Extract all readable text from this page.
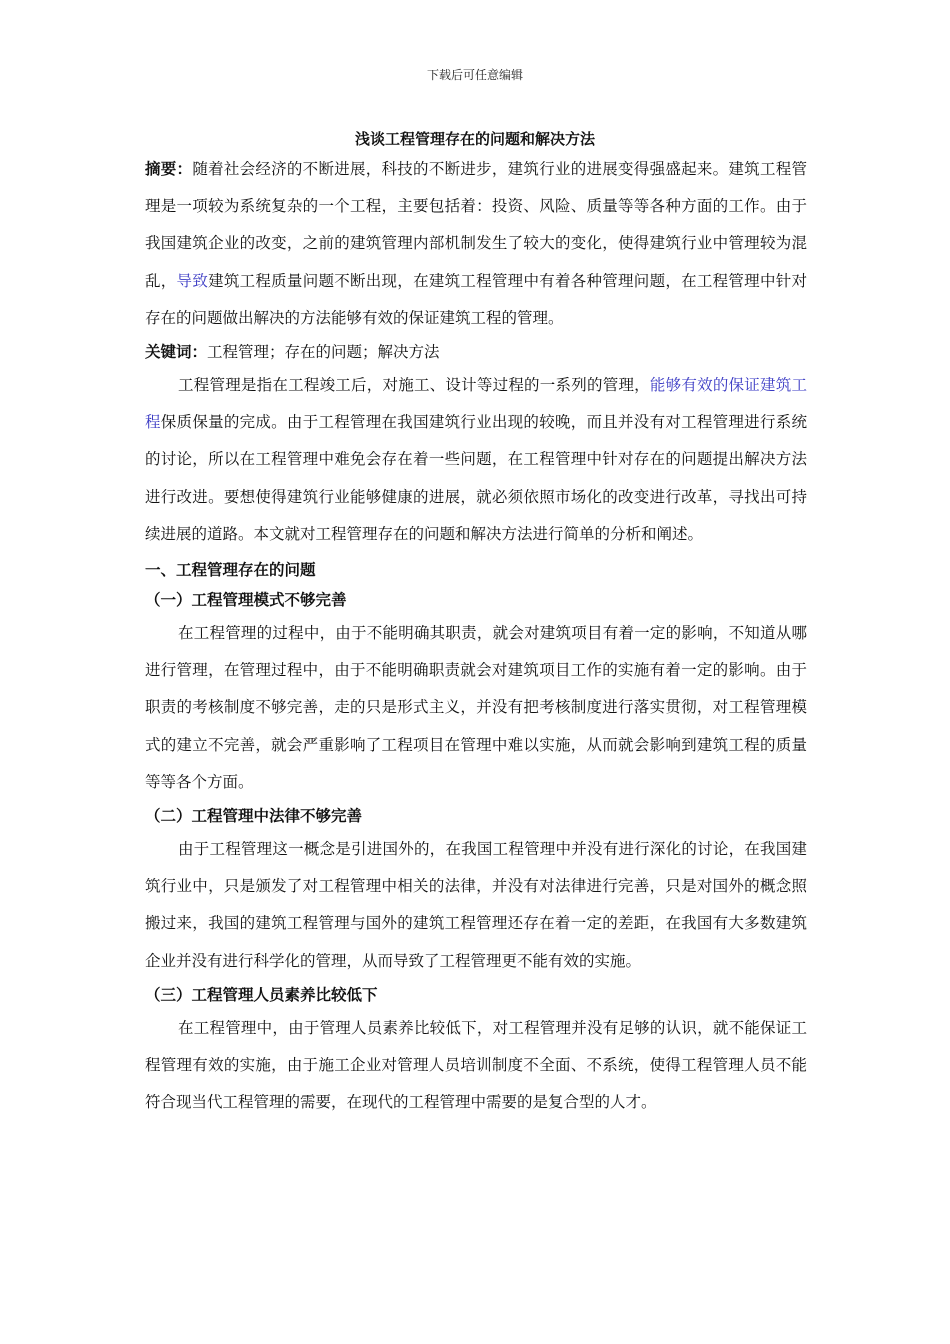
下载后可任意编辑
浅谈工程管理存在的问题和解决方法

摘要：随着社会经济的不断进展，科技的不断进步，建筑行业的进展变得强盛起来。建筑工程管理是一项较为系统复杂的一个工程，主要包括着：投资、风险、质量等等各种方面的工作。由于我国建筑企业的改变，之前的建筑管理内部机制发生了较大的变化，使得建筑行业中管理较为混乱，导致建筑工程质量问题不断出现，在建筑工程管理中有着各种管理问题，在工程管理中针对存在的问题做出解决的方法能够有效的保证建筑工程的管理。

关键词：工程管理；存在的问题；解决方法

工程管理是指在工程竣工后，对施工、设计等过程的一系列的管理，能够有效的保证建筑工程保质保量的完成。由于工程管理在我国建筑行业出现的较晚，而且并没有对工程管理进行系统的讨论，所以在工程管理中难免会存在着一些问题，在工程管理中针对存在的问题提出解决方法进行改进。要想使得建筑行业能够健康的进展，就必须依照市场化的改变进行改革，寻找出可持续进展的道路。本文就对工程管理存在的问题和解决方法进行简单的分析和阐述。

一、工程管理存在的问题

（一）工程管理模式不够完善

在工程管理的过程中，由于不能明确其职责，就会对建筑项目有着一定的影响，不知道从哪进行管理，在管理过程中，由于不能明确职责就会对建筑项目工作的实施有着一定的影响。由于职责的考核制度不够完善，走的只是形式主义，并没有把考核制度进行落实贯彻，对工程管理模式的建立不完善，就会严重影响了工程项目在管理中难以实施，从而就会影响到建筑工程的质量等等各个方面。

（二）工程管理中法律不够完善

由于工程管理这一概念是引进国外的，在我国工程管理中并没有进行深化的讨论，在我国建筑行业中，只是颁发了对工程管理中相关的法律，并没有对法律进行完善，只是对国外的概念照搬过来，我国的建筑工程管理与国外的建筑工程管理还存在着一定的差距，在我国有大多数建筑企业并没有进行科学化的管理，从而导致了工程管理更不能有效的实施。

（三）工程管理人员素养比较低下

在工程管理中，由于管理人员素养比较低下，对工程管理并没有足够的认识，就不能保证工程管理有效的实施，由于施工企业对管理人员培训制度不全面、不系统，使得工程管理人员不能符合现当代工程管理的需要，在现代的工程管理中需要的是复合型的人才。
